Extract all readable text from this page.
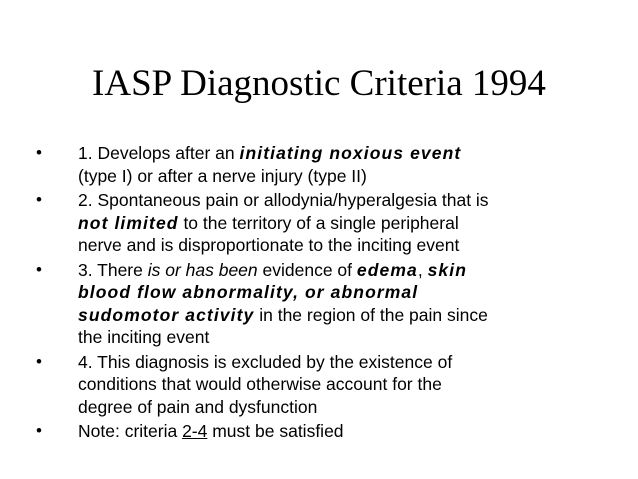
IASP Diagnostic Criteria 1994
• 1. Develops after an initiating noxious event
(type I) or after a nerve injury (type II)
• 2. Spontaneous pain or allodynia/hyperalgesia that is
not limited to the territory of a single peripheral
nerve and is disproportionate to the inciting event
• 3. There is or has been evidence of edema, skin
blood flow abnormality, or abnormal
sudomotor activity in the region of the pain since
the inciting event
• 4. This diagnosis is excluded by the existence of
conditions that would otherwise account for the
degree of pain and dysfunction
• Note: criteria 2-4 must be satisfied
